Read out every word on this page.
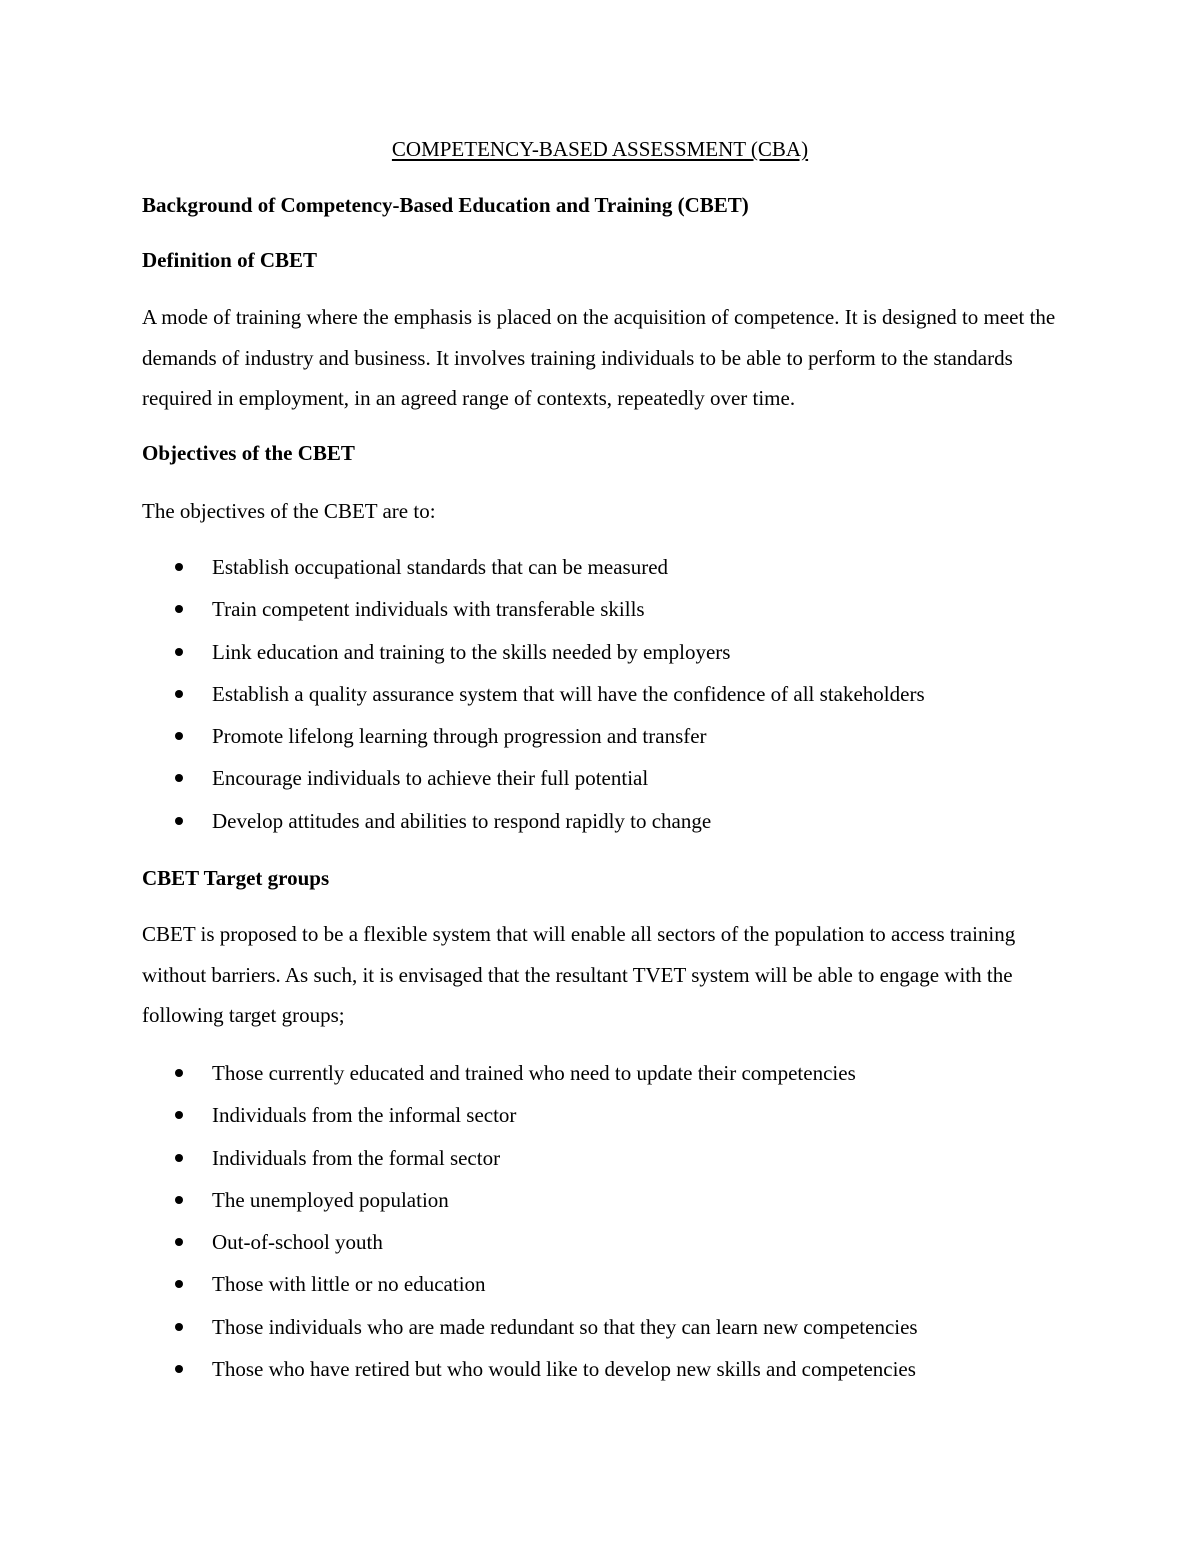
COMPETENCY-BASED ASSESSMENT (CBA)
Background of Competency-Based Education and Training (CBET)
Definition of CBET

A mode of training where the emphasis is placed on the acquisition of competence. It is designed to meet the demands of industry and business. It involves training individuals to be able to perform to the standards required in employment, in an agreed range of contexts, repeatedly over time.

Objectives of the CBET

The objectives of the CBET are to:

Establish occupational standards that can be measured
Train competent individuals with transferable skills
Link education and training to the skills needed by employers
Establish a quality assurance system that will have the confidence of all stakeholders
Promote lifelong learning through progression and transfer
Encourage individuals to achieve their full potential
Develop attitudes and abilities to respond rapidly to change
CBET Target groups

CBET is proposed to be a flexible system that will enable all sectors of the population to access training without barriers. As such, it is envisaged that the resultant TVET system will be able to engage with the following target groups;

Those currently educated and trained who need to update their competencies
Individuals from the informal sector
Individuals from the formal sector
The unemployed population
Out-of-school youth
Those with little or no education
Those individuals who are made redundant so that they can learn new competencies
Those who have retired but who would like to develop new skills and competencies
